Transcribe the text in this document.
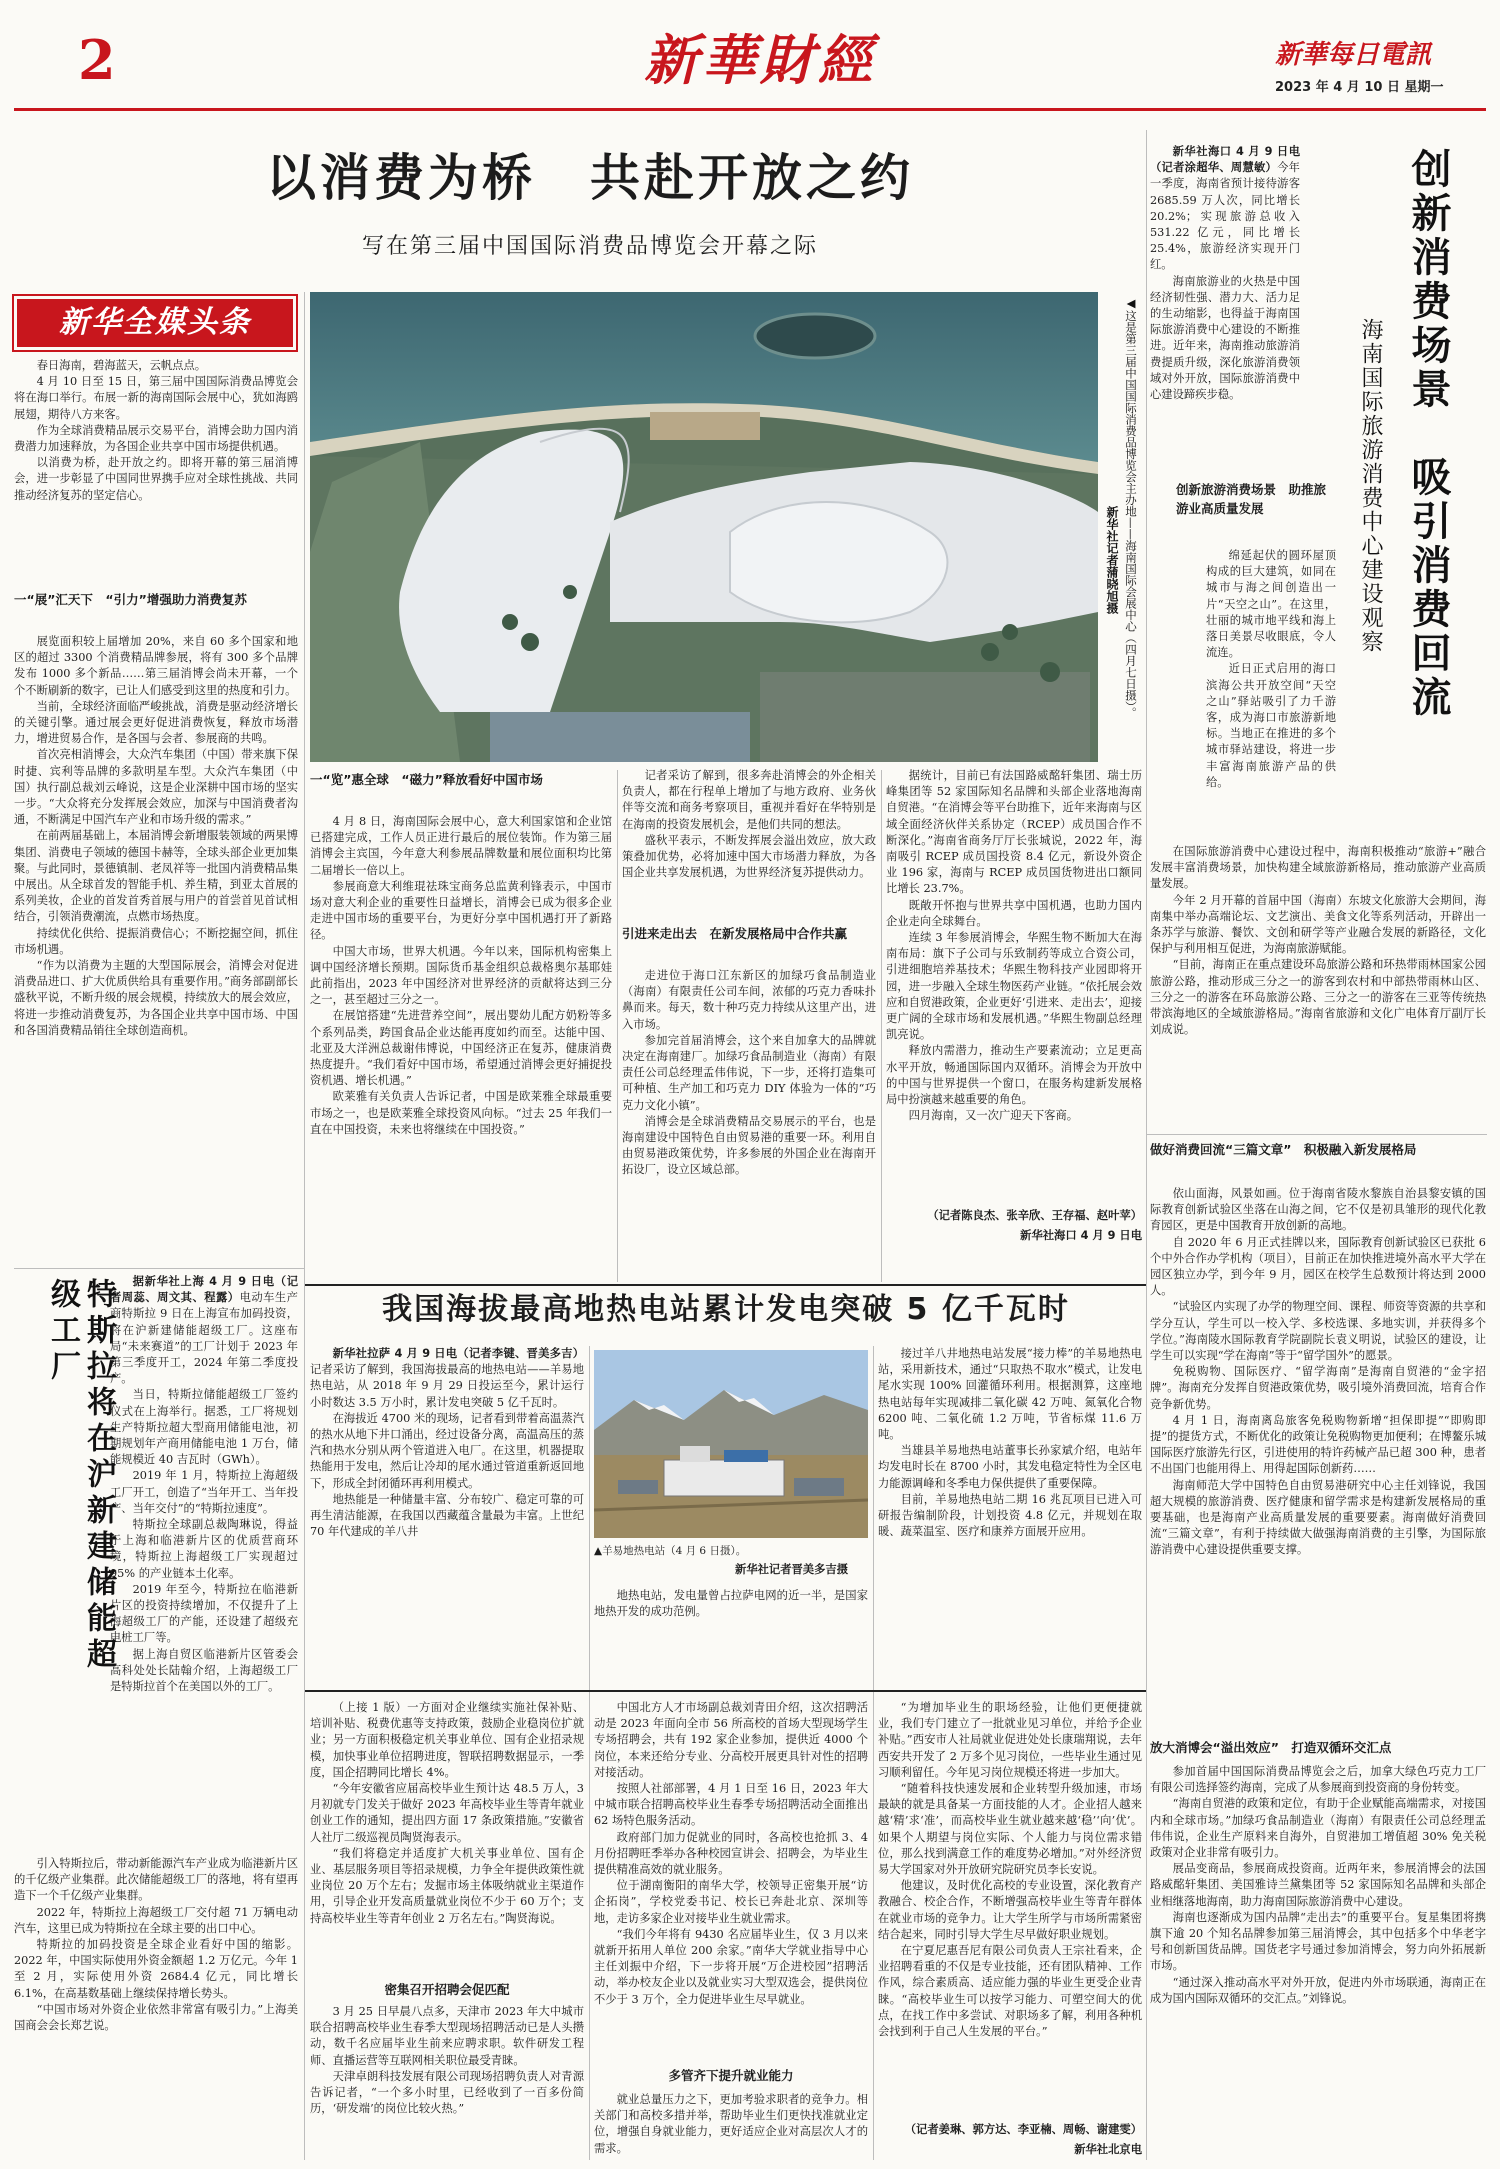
2	新華財經	新華每日電訊
2023 年 4 月 10 日 星期一
以消费为桥　共赴开放之约
写在第三届中国国际消费品博览会开幕之际
新华全媒头条

春日海南，碧海蓝天，云帆点点。

4 月 10 日至 15 日，第三届中国国际消费品博览会将在海口举行。布展一新的海南国际会展中心，犹如海鸥展翅，期待八方来客。

作为全球消费精品展示交易平台，消博会助力国内消费潜力加速释放，为各国企业共享中国市场提供机遇。

以消费为桥，赴开放之约。即将开幕的第三届消博会，进一步彰显了中国同世界携手应对全球性挑战、共同推动经济复苏的坚定信心。

一“展”汇天下　“引力”增强助力消费复苏

展览面积较上届增加 20%，来自 60 多个国家和地区的超过 3300 个消费精品牌参展，将有 300 多个品牌发布 1000 多个新品……第三届消博会尚未开幕，一个个不断刷新的数字，已让人们感受到这里的热度和引力。

当前，全球经济面临严峻挑战，消费是驱动经济增长的关键引擎。通过展会更好促进消费恢复，释放市场潜力，增进贸易合作，是各国与会者、参展商的共鸣。

首次亮相消博会，大众汽车集团（中国）带来旗下保时捷、宾利等品牌的多款明星车型。大众汽车集团（中国）执行副总裁刘云峰说，这是企业深耕中国市场的坚实一步。“大众将充分发挥展会效应，加深与中国消费者沟通，不断满足中国汽车产业和市场升级的需求。”

在前两届基础上，本届消博会新增服装领域的两果博集团、消费电子领域的德国卡赫等，全球头部企业更加集聚。与此同时，景德镇制、老凤祥等一批国内消费精品集中展出。从全球首发的智能手机、养生精，到亚太首展的系列美妆，企业的首发首秀首展与用户的首尝首见首试相结合，引领消费潮流，点燃市场热度。

持续优化供给、提振消费信心；不断挖掘空间，抓住市场机遇。

“作为以消费为主题的大型国际展会，消博会对促进消费品进口、扩大优质供给具有重要作用。”商务部副部长盛秋平说，不断升级的展会规模，持续放大的展会效应，将进一步推动消费复苏，为各国企业共享中国市场、中国和各国消费精品销往全球创造商机。

◀这是第三届中国国际消费品博览会主办地——海南国际会展中心（四月七日摄）。
新华社记者蒲晓旭摄
一“览”惠全球　“磁力”释放看好中国市场

4 月 8 日，海南国际会展中心，意大利国家馆和企业馆已搭建完成，工作人员正进行最后的展位装饰。作为第三届消博会主宾国，今年意大利参展品牌数量和展位面积均比第二届增长一倍以上。

参展商意大利维琨祛珠宝商务总监黄利锋表示，中国市场对意大利企业的重要性日益增长，消博会已成为很多企业走进中国市场的重要平台，为更好分享中国机遇打开了新路径。

中国大市场，世界大机遇。今年以来，国际机构密集上调中国经济增长预期。国际货币基金组织总裁格奥尔基耶娃此前指出，2023 年中国经济对世界经济的贡献将达到三分之一，甚至超过三分之一。

在展馆搭建“先进营养空间”，展出婴幼儿配方奶粉等多个系列品类，跨国食品企业达能再度如约而至。达能中国、北亚及大洋洲总裁谢伟博说，中国经济正在复苏，健康消费热度提升。“我们看好中国市场，希望通过消博会更好捕捉投资机遇、增长机遇。”

欧莱雅有关负责人告诉记者，中国是欧莱雅全球最重要市场之一，也是欧莱雅全球投资风向标。“过去 25 年我们一直在中国投资，未来也将继续在中国投资。”

记者采访了解到，很多奔赴消博会的外企相关负责人，都在行程单上增加了与地方政府、业务伙伴等交流和商务考察项目，重视并看好在华特别是在海南的投资发展机会，是他们共同的想法。

盛秋平表示，不断发挥展会溢出效应，放大政策叠加优势，必将加速中国大市场潜力释放，为各国企业共享发展机遇，为世界经济复苏提供动力。

引进来走出去　在新发展格局中合作共赢

走进位于海口江东新区的加绿巧食品制造业（海南）有限责任公司车间，浓郁的巧克力香味扑鼻而来。每天，数十种巧克力持续从这里产出，进入市场。

参加完首届消博会，这个来自加拿大的品牌就决定在海南建厂。加绿巧食品制造业（海南）有限责任公司总经理孟伟伟说，下一步，还将打造集可可种植、生产加工和巧克力 DIY 体验为一体的“巧克力文化小镇”。

消博会是全球消费精品交易展示的平台，也是海南建设中国特色自由贸易港的重要一环。利用自由贸易港政策优势，许多参展的外国企业在海南开拓设厂，设立区域总部。

据统计，目前已有法国路威酩轩集团、瑞士历峰集团等 52 家国际知名品牌和头部企业落地海南自贸港。“在消博会等平台助推下，近年来海南与区域全面经济伙伴关系协定（RCEP）成员国合作不断深化。”海南省商务厅厅长张城说，2022 年，海南吸引 RCEP 成员国投资 8.4 亿元，新设外资企业 196 家，海南与 RCEP 成员国货物进出口额同比增长 23.7%。

既敞开怀抱与世界共享中国机遇，也助力国内企业走向全球舞台。

连续 3 年参展消博会，华熙生物不断加大在海南布局：旗下子公司与乐致制药等成立合资公司，引进细胞培养基技术；华熙生物科技产业园即将开园，进一步融入全球生物医药产业链。“依托展会效应和自贸港政策，企业更好‘引进来、走出去’，迎接更广阔的全球市场和发展机遇。”华熙生物副总经理凯亮说。

释放内需潜力，推动生产要素流动；立足更高水平开放，畅通国际国内双循环。消博会为开放中的中国与世界提供一个窗口，在服务构建新发展格局中扮演越来越重要的角色。

四月海南，又一次广迎天下客商。

（记者陈良杰、张辛欣、王存福、赵叶苹）
新华社海口 4 月 9 日电

新华社海口 4 月 9 日电（记者涂超华、周慧敏）今年一季度，海南省预计接待游客 2685.59 万人次，同比增长 20.2%；实现旅游总收入 531.22 亿元，同比增长 25.4%，旅游经济实现开门红。

海南旅游业的火热是中国经济韧性强、潜力大、活力足的生动缩影，也得益于海南国际旅游消费中心建设的不断推进。近年来，海南推动旅游消费提质升级，深化旅游消费领域对外开放，国际旅游消费中心建设蹄疾步稳。	创新消费场景　吸引消费回流
海南国际旅游消费中心建设观察
创新旅游消费场景　助推旅游业高质量发展

绵延起伏的圆环屋顶构成的巨大建筑，如同在城市与海之间创造出一片“天空之山”。在这里，壮丽的城市地平线和海上落日美景尽收眼底，令人流连。

近日正式启用的海口滨海公共开放空间“天空之山”驿站吸引了力千游客，成为海口市旅游新地标。当地正在推进的多个城市驿站建设，将进一步丰富海南旅游产品的供给。

在国际旅游消费中心建设过程中，海南积极推动“旅游+”融合发展丰富消费场景，加快构建全域旅游新格局，推动旅游产业高质量发展。

今年 2 月开幕的首届中国（海南）东坡文化旅游大会期间，海南集中举办高端论坛、文艺演出、美食文化等系列活动，开辟出一条苏学与旅游、餐饮、文创和研学等产业融合发展的新路径，文化保护与利用相互促进，为海南旅游赋能。

“目前，海南正在重点建设环岛旅游公路和环热带雨林国家公园旅游公路，推动形成三分之一的游客到农村和中部热带雨林山区、三分之一的游客在环岛旅游公路、三分之一的游客在三亚等传统热带滨海地区的全域旅游格局。”海南省旅游和文化广电体育厅副厅长刘成说。

做好消费回流“三篇文章”　积极融入新发展格局

依山面海，风景如画。位于海南省陵水黎族自治县黎安镇的国际教育创新试验区坐落在山海之间，它不仅是初具雏形的现代化教育园区，更是中国教育开放创新的高地。

自 2020 年 6 月正式挂牌以来，国际教育创新试验区已获批 6 个中外合作办学机构（项目），目前正在加快推进境外高水平大学在园区独立办学，到今年 9 月，园区在校学生总数预计将达到 2000 人。

“试验区内实现了办学的物理空间、课程、师资等资源的共享和学分互认，学生可以一校入学、多校选课、多地实训，并获得多个学位。”海南陵水国际教育学院副院长袁义明说，试验区的建设，让学生可以实现“学在海南”等于“留学国外”的愿景。

免税购物、国际医疗、“留学海南”是海南自贸港的“金字招牌”。海南充分发挥自贸港政策优势，吸引境外消费回流，培育合作竞争新优势。

4 月 1 日，海南离岛旅客免税购物新增“担保即提”“即购即提”的提货方式，不断优化的政策让免税购物更加便利；在博鳌乐城国际医疗旅游先行区，引进使用的特许药械产品已超 300 种，患者不出国门也能用得上、用得起国际创新药……

海南师范大学中国特色自由贸易港研究中心主任刘锋说，我国超大规模的旅游消费、医疗健康和留学需求是构建新发展格局的重要基础，也是海南产业高质量发展的重要要素。海南做好消费回流“三篇文章”，有利于持续做大做强海南消费的主引擎，为国际旅游消费中心建设提供重要支撑。

放大消博会“溢出效应”　打造双循环交汇点

参加首届中国国际消费品博览会之后，加拿大绿色巧克力工厂有限公司选择签约海南，完成了从参展商到投资商的身份转变。

“海南自贸港的政策和定位，有助于企业赋能高端需求，对接国内和全球市场。”加绿巧食品制造业（海南）有限责任公司总经理孟伟伟说，企业生产原料来自海外，自贸港加工增值超 30% 免关税政策对企业非常有吸引力。

展品变商品，参展商成投资商。近两年来，参展消博会的法国路威酩轩集团、美国雅诗兰黛集团等 52 家国际知名品牌和头部企业相继落地海南，助力海南国际旅游消费中心建设。

海南也逐渐成为国内品牌“走出去”的重要平台。复星集团将携旗下逾 20 个知名品牌参加第三届消博会，其中包括多个中华老字号和创新国货品牌。国货老字号通过参加消博会，努力向外拓展新市场。

“通过深入推动高水平对外开放，促进内外市场联通，海南正在成为国内国际双循环的交汇点。”刘锋说。

特斯拉将在沪新建储能超级工厂	据新华社上海 4 月 9 日电（记者周蕊、周文其、程露）电动车生产商特斯拉 9 日在上海宣布加码投资，将在沪新建储能超级工厂。这座布局“未来赛道”的工厂计划于 2023 年第三季度开工，2024 年第二季度投产。

当日，特斯拉储能超级工厂签约仪式在上海举行。据悉，工厂将规划生产特斯拉超大型商用储能电池，初期规划年产商用储能电池 1 万台，储能规模近 40 吉瓦时（GWh）。

2019 年 1 月，特斯拉上海超级工厂开工，创造了“当年开工、当年投产、当年交付”的“特斯拉速度”。

特斯拉全球副总裁陶琳说，得益于上海和临港新片区的优质营商环境，特斯拉上海超级工厂实现超过 95% 的产业链本土化率。

2019 年至今，特斯拉在临港新片区的投资持续增加，不仅提升了上海超级工厂的产能，还设建了超级充电桩工厂等。

据上海自贸区临港新片区管委会高科处处长陆翰介绍，上海超级工厂是特斯拉首个在美国以外的工厂。

引入特斯拉后，带动新能源汽车产业成为临港新片区的千亿级产业集群。此次储能超级工厂的落地，将有望再造下一个千亿级产业集群。

2022 年，特斯拉上海超级工厂交付超 71 万辆电动汽车，这里已成为特斯拉在全球主要的出口中心。

特斯拉的加码投资是全球企业看好中国的缩影。2022 年，中国实际使用外资金额超 1.2 万亿元。今年 1 至 2 月，实际使用外资 2684.4 亿元，同比增长 6.1%，在高基数基础上继续保持增长势头。

“中国市场对外资企业依然非常富有吸引力。”上海美国商会会长郑艺说。

我国海拔最高地热电站累计发电突破 5 亿千瓦时

新华社拉萨 4 月 9 日电（记者李键、晋美多吉）记者采访了解到，我国海拔最高的地热电站——羊易地热电站，从 2018 年 9 月 29 日投运至今，累计运行小时数达 3.5 万小时，累计发电突破 5 亿千瓦时。

在海拔近 4700 米的现场，记者看到带着高温蒸汽的热水从地下井口涌出，经过设备分离，高温高压的蒸汽和热水分别从两个管道进入电厂。在这里，机器提取热能用于发电，然后让冷却的尾水通过管道重新返回地下，形成全封闭循环再利用模式。

地热能是一种储量丰富、分布较广、稳定可靠的可再生清洁能源，在我国以西藏蕴含量最为丰富。上世纪 70 年代建成的羊八井

▲羊易地热电站（4 月 6 日摄）。
新华社记者晋美多吉摄

地热电站，发电量曾占拉萨电网的近一半，是国家地热开发的成功范例。

接过羊八井地热电站发展“接力棒”的羊易地热电站，采用新技术，通过“只取热不取水”模式，让发电尾水实现 100% 回灌循环利用。根据测算，这座地热电站每年实现减排二氧化碳 42 万吨、氮氧化合物 6200 吨、二氧化硫 1.2 万吨，节省标煤 11.6 万吨。

当雄县羊易地热电站董事长孙家斌介绍，电站年均发电时长在 8700 小时，其发电稳定特性为全区电力能源调峰和冬季电力保供提供了重要保障。

目前，羊易地热电站二期 16 兆瓦项目已进入可研报告编制阶段，计划投资 4.8 亿元，并规划在取暖、蔬菜温室、医疗和康养方面展开应用。

（上接 1 版）一方面对企业继续实施社保补贴、培训补贴、税费优惠等支持政策，鼓励企业稳岗位扩就业；另一方面积极稳定机关事业单位、国有企业招录规模，加快事业单位招聘进度，智联招聘数据显示，一季度，国企招聘同比增长 4%。

“今年安徽省应届高校毕业生预计达 48.5 万人，3 月初就专门发关于做好 2023 年高校毕业生等青年就业创业工作的通知，提出四方面 17 条政策措施。”安徽省人社厅二级巡视员陶贤海表示。

“我们将稳定并适度扩大机关事业单位、国有企业、基层服务项目等招录规模，力争全年提供政策性就业岗位 20 万个左右；发掘市场主体吸纳就业主渠道作用，引导企业开发高质量就业岗位不少于 60 万个；支持高校毕业生等青年创业 2 万名左右。”陶贤海说。

密集召开招聘会促匹配

3 月 25 日早晨八点多，天津市 2023 年大中城市联合招聘高校毕业生春季大型现场招聘活动已是人头攒动，数千名应届毕业生前来应聘求职。软件研发工程师、直播运营等互联网相关职位最受青睐。

天津卓朗科技发展有限公司现场招聘负责人对青源告诉记者，“一个多小时里，已经收到了一百多份简历，‘研发端’的岗位比较火热。”

中国北方人才市场副总裁刘青田介绍，这次招聘活动是 2023 年面向全市 56 所高校的首场大型现场学生专场招聘会，共有 192 家企业参加，提供近 4000 个岗位，本来还给分专业、分高校开展更具针对性的招聘对接活动。

按照人社部部署，4 月 1 日至 16 日，2023 年大中城市联合招聘高校毕业生春季专场招聘活动全面推出 62 场特色服务活动。

政府部门加力促就业的同时，各高校也抢抓 3、4 月份招聘旺季举办各种校园宣讲会、招聘会，为毕业生提供精准高效的就业服务。

位于湖南衡阳的南华大学，校领导正密集开展“访企拓岗”，学校党委书记、校长已奔赴北京、深圳等地，走访多家企业对接毕业生就业需求。

“我们今年将有 9430 名应届毕业生，仅 3 月以来就新开拓用人单位 200 余家。”南华大学就业指导中心主任刘振中介绍，下一步将开展“万企进校园”招聘活动，举办校友企业以及就业实习大型双选会，提供岗位不少于 3 万个，全力促进毕业生尽早就业。

多管齐下提升就业能力

就业总量压力之下，更加考验求职者的竞争力。相关部门和高校多措并举，帮助毕业生们更快找准就业定位，增强自身就业能力，更好适应企业对高层次人才的需求。

“为增加毕业生的职场经验，让他们更便捷就业，我们专门建立了一批就业见习单位，并给予企业补贴。”西安市人社局就业促进处处长康瑞翔说，去年西安共开发了 2 万多个见习岗位，一些毕业生通过见习顺利留任。今年见习岗位规模还将进一步加大。

“随着科技快速发展和企业转型升级加速，市场最缺的就是具备某一方面技能的人才。企业招人越来越‘精’求‘准’，而高校毕业生就业越来越‘稳’‘向’优’。如果个人期望与岗位实际、个人能力与岗位需求错位，那么找到满意工作的难度势必增加。”对外经济贸易大学国家对外开放研究院研究员李长安说。

他建议，及时优化高校的专业设置，深化教育产教融合、校企合作，不断增强高校毕业生等青年群体在就业市场的竞争力。让大学生所学与市场所需紧密结合起来，同时引导大学生尽早做好职业规划。

在宁夏尼惠吾尼有限公司负责人王宗社看来，企业招聘看重的不仅是专业技能，还有团队精神、工作作风，综合素质高、适应能力强的毕业生更受企业青睐。“高校毕业生可以按学习能力、可塑空间大的优点，在找工作中多尝试、对职场多了解，利用各种机会找到利于自己人生发展的平台。”

（记者姜琳、郭方达、李亚楠、周畅、谢建雯）
新华社北京电
